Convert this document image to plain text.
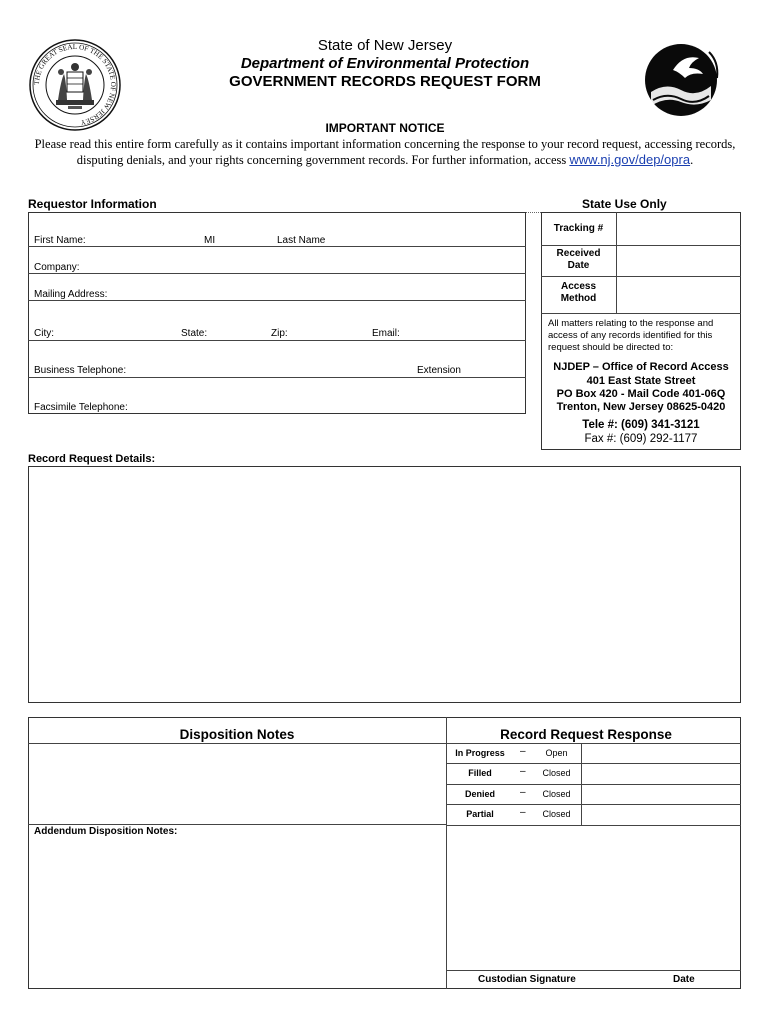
THE GREAT SEAL OF THE STATE OF NEW JERSEY
State of New Jersey
Department of Environmental Protection
GOVERNMENT RECORDS REQUEST FORM
IMPORTANT NOTICE
Please read this entire form carefully as it contains important information concerning the response to your record request, accessing records,
disputing denials, and your rights concerning government records. For further information, access www.nj.gov/dep/opra.
Requestor Information
First Name:	MI	Last Name
Company:
Mailing Address:
City:	State:	Zip:	Email:
Business Telephone:	Extension
Facsimile Telephone:
State Use Only
Tracking #
Received
Date
Access
Method
All matters relating to the response and
access of any records identified for this
request should be directed to:
NJDEP – Office of Record Access
401 East State Street
PO Box 420 - Mail Code 401-06Q
Trenton, New Jersey 08625-0420
Tele #: (609) 341-3121
Fax #: (609) 292-1177
Record Request Details:
Disposition Notes	Record Request Response
Addendum Disposition Notes:
In Progress	–	Open
Filled	–	Closed
Denied	–	Closed
Partial	–	Closed
Custodian Signature	Date
